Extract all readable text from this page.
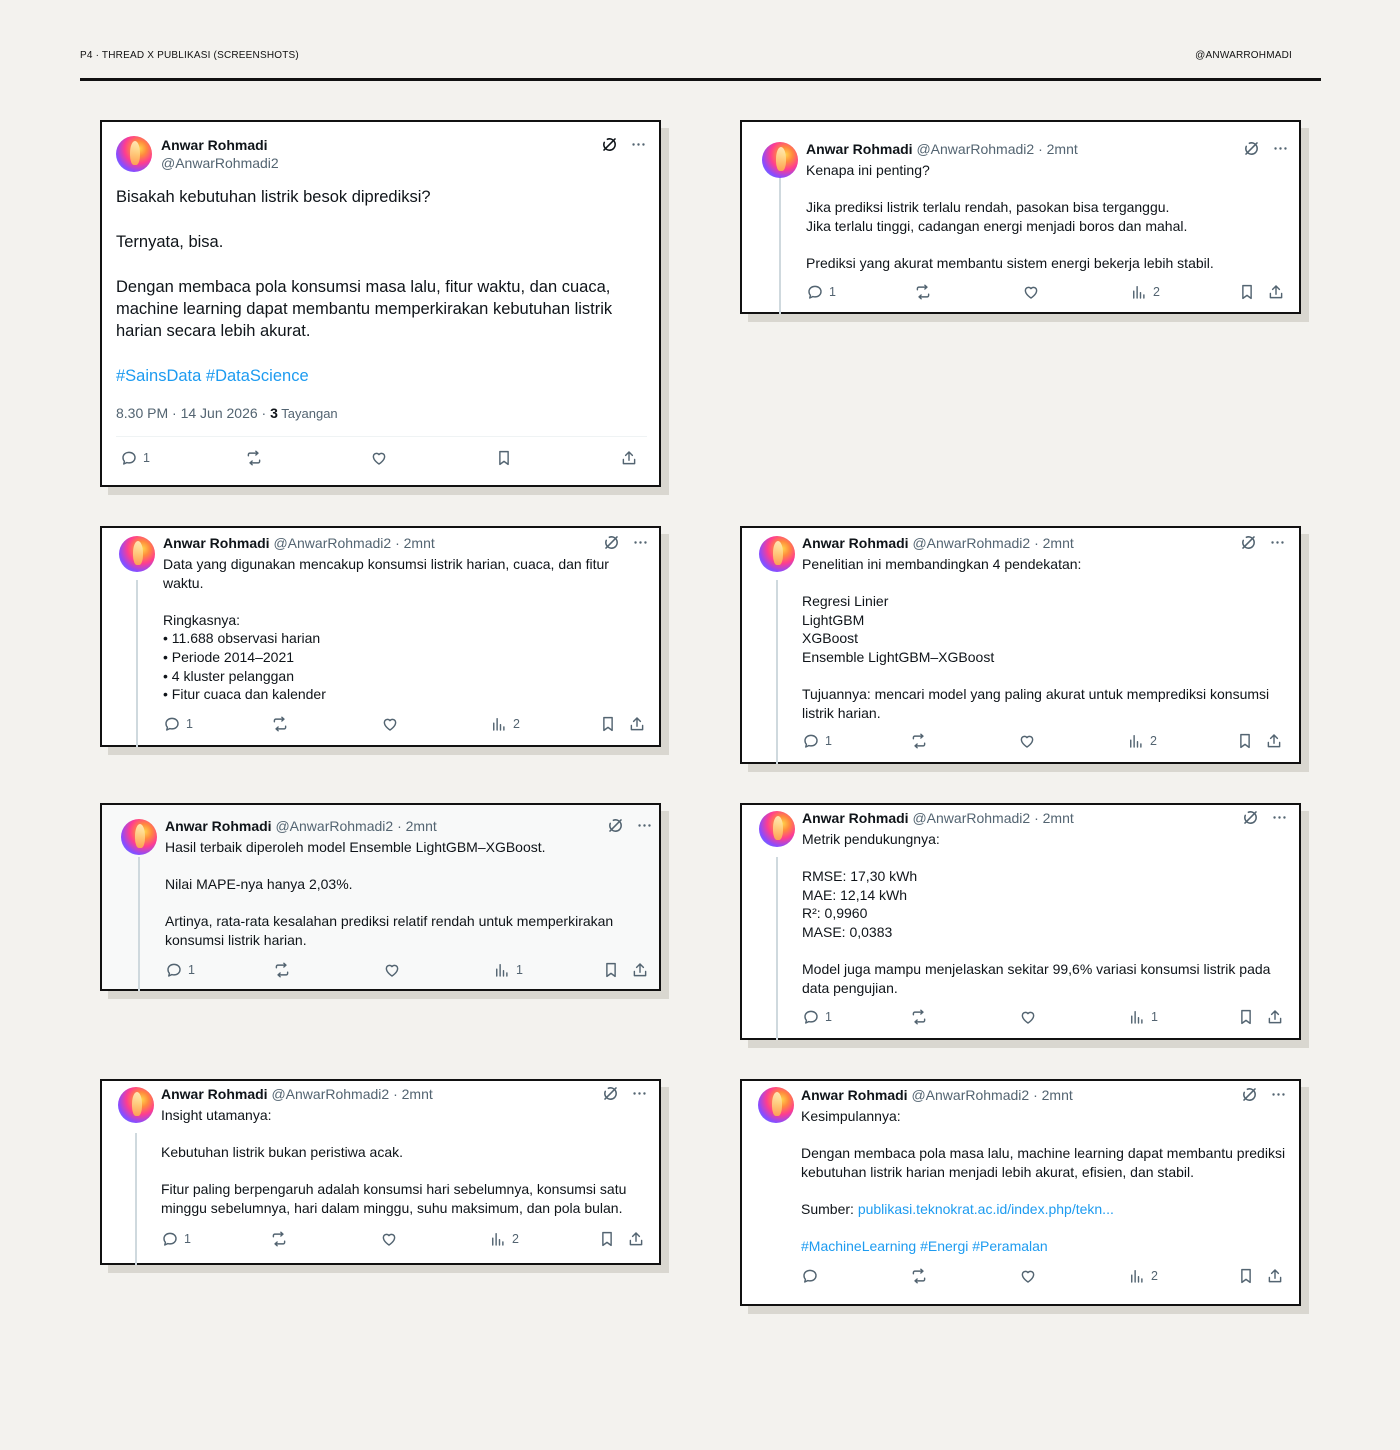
P4 · THREAD X PUBLIKASI (SCREENSHOTS)	@ANWARROHMADI
Anwar Rohmadi
@AnwarRohmadi2

Bisakah kebutuhan listrik besok diprediksi?

Ternyata, bisa.

Dengan membaca pola konsumsi masa lalu, fitur waktu, dan cuaca, machine learning dapat membantu memperkirakan kebutuhan listrik harian secara lebih akurat.

#SainsData #DataScience

8.30 PM · 14 Jun 2026 · 3 Tayangan
1
Anwar Rohmadi @AnwarRohmadi2 · 2mnt

Kenapa ini penting?

Jika prediksi listrik terlalu rendah, pasokan bisa terganggu.

Jika terlalu tinggi, cadangan energi menjadi boros dan mahal.

Prediksi yang akurat membantu sistem energi bekerja lebih stabil.

1	2
Anwar Rohmadi @AnwarRohmadi2 · 2mnt

Data yang digunakan mencakup konsumsi listrik harian, cuaca, dan fitur waktu.

Ringkasnya:

• 11.688 observasi harian

• Periode 2014–2021

• 4 kluster pelanggan

• Fitur cuaca dan kalender

1	2
Anwar Rohmadi @AnwarRohmadi2 · 2mnt

Penelitian ini membandingkan 4 pendekatan:

Regresi Linier

LightGBM

XGBoost

Ensemble LightGBM–XGBoost

Tujuannya: mencari model yang paling akurat untuk memprediksi konsumsi listrik harian.

1	2
Anwar Rohmadi @AnwarRohmadi2 · 2mnt

Hasil terbaik diperoleh model Ensemble LightGBM–XGBoost.

Nilai MAPE-nya hanya 2,03%.

Artinya, rata-rata kesalahan prediksi relatif rendah untuk memperkirakan konsumsi listrik harian.

1	1
Anwar Rohmadi @AnwarRohmadi2 · 2mnt

Metrik pendukungnya:

RMSE: 17,30 kWh

MAE: 12,14 kWh

R²: 0,9960

MASE: 0,0383

Model juga mampu menjelaskan sekitar 99,6% variasi konsumsi listrik pada data pengujian.

1	1
Anwar Rohmadi @AnwarRohmadi2 · 2mnt

Insight utamanya:

Kebutuhan listrik bukan peristiwa acak.

Fitur paling berpengaruh adalah konsumsi hari sebelumnya, konsumsi satu minggu sebelumnya, hari dalam minggu, suhu maksimum, dan pola bulan.

1	2
Anwar Rohmadi @AnwarRohmadi2 · 2mnt

Kesimpulannya:

Dengan membaca pola masa lalu, machine learning dapat membantu prediksi kebutuhan listrik harian menjadi lebih akurat, efisien, dan stabil.

Sumber: publikasi.teknokrat.ac.id/index.php/tekn...

#MachineLearning #Energi #Peramalan

2
